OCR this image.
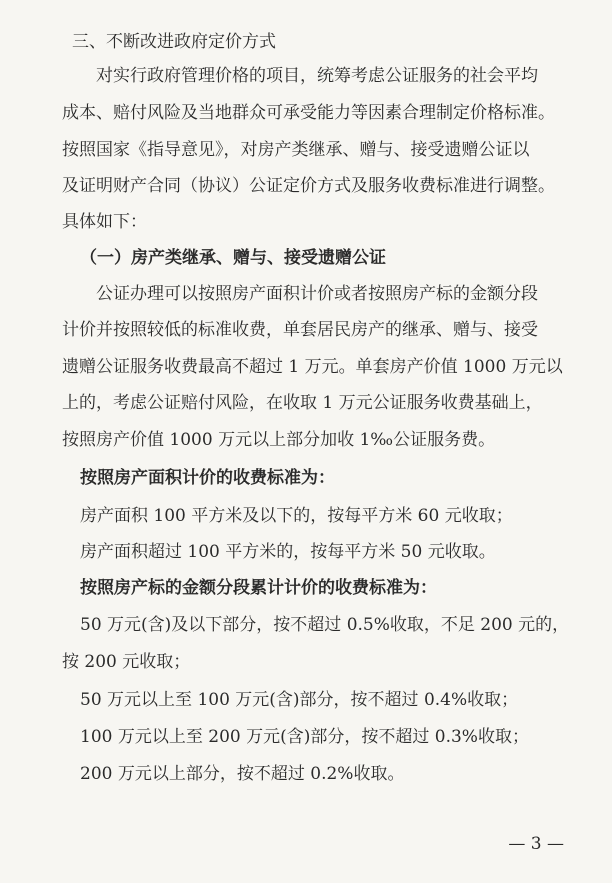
三、不断改进政府定价方式
对实行政府管理价格的项目，统筹考虑公证服务的社会平均
成本、赔付风险及当地群众可承受能力等因素合理制定价格标准。
按照国家《指导意见》，对房产类继承、赠与、接受遗赠公证以
及证明财产合同（协议）公证定价方式及服务收费标准进行调整。
具体如下：
（一）房产类继承、赠与、接受遗赠公证
公证办理可以按照房产面积计价或者按照房产标的金额分段
计价并按照较低的标准收费，单套居民房产的继承、赠与、接受
遗赠公证服务收费最高不超过 1 万元。单套房产价值 1000 万元以
上的，考虑公证赔付风险，在收取 1 万元公证服务收费基础上，
按照房产价值 1000 万元以上部分加收 1‰公证服务费。
按照房产面积计价的收费标准为：
房产面积 100 平方米及以下的，按每平方米 60 元收取；
房产面积超过 100 平方米的，按每平方米 50 元收取。
按照房产标的金额分段累计计价的收费标准为：
50 万元(含)及以下部分，按不超过 0.5%收取，不足 200 元的，
按 200 元收取；
50 万元以上至 100 万元(含)部分，按不超过 0.4%收取；
100 万元以上至 200 万元(含)部分，按不超过 0.3%收取；
200 万元以上部分，按不超过 0.2%收取。
— 3 —
